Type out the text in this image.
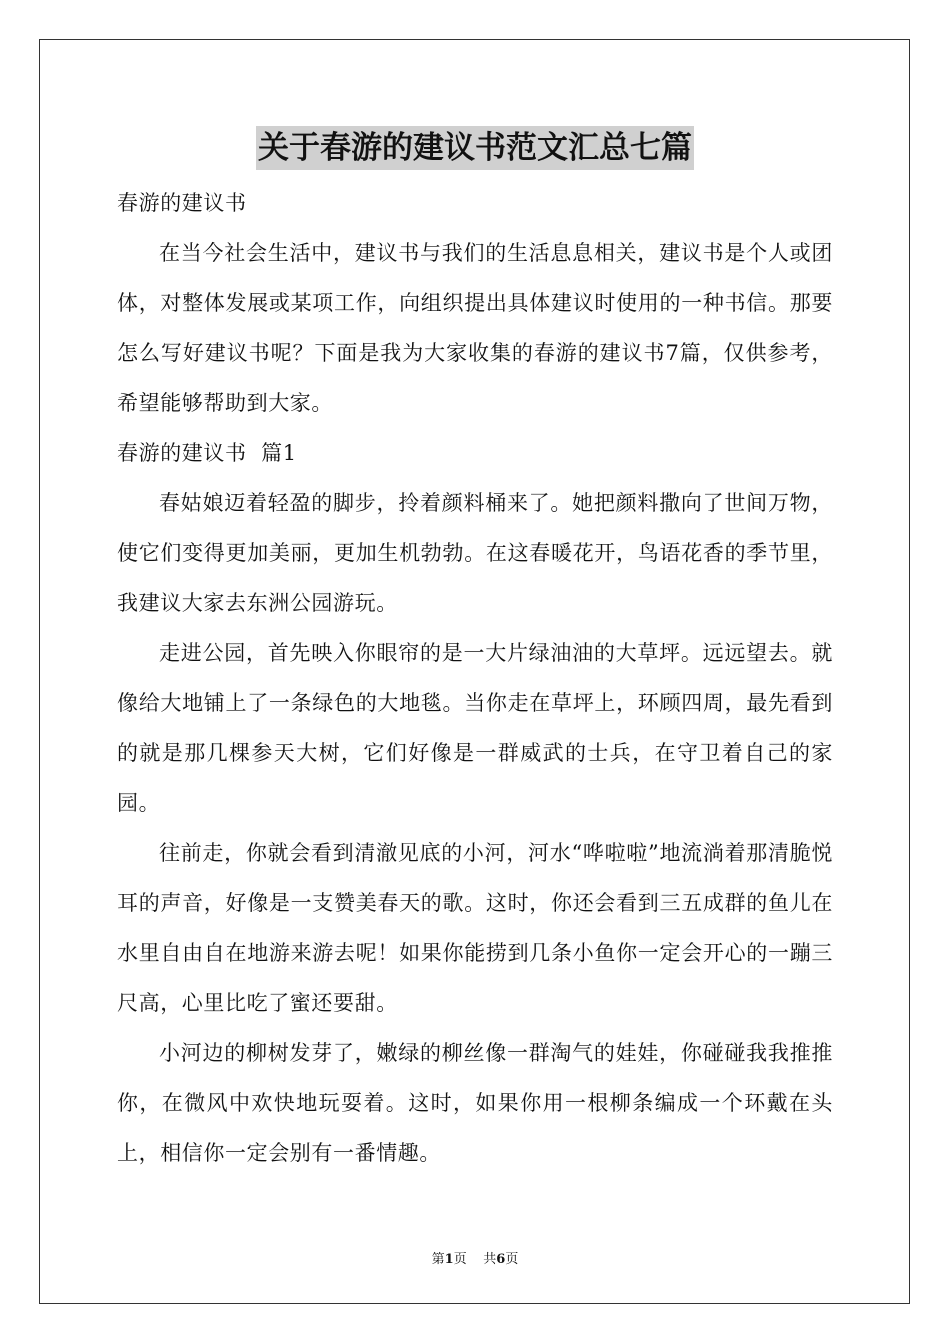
关于春游的建议书范文汇总七篇

春游的建议书

在当今社会生活中，建议书与我们的生活息息相关，建议书是个人或团体，对整体发展或某项工作，向组织提出具体建议时使用的一种书信。那要怎么写好建议书呢？下面是我为大家收集的春游的建议书7篇，仅供参考，希望能够帮助到大家。

春游的建议书  篇1

春姑娘迈着轻盈的脚步，拎着颜料桶来了。她把颜料撒向了世间万物，使它们变得更加美丽，更加生机勃勃。在这春暖花开，鸟语花香的季节里，我建议大家去东洲公园游玩。

走进公园，首先映入你眼帘的是一大片绿油油的大草坪。远远望去。就像给大地铺上了一条绿色的大地毯。当你走在草坪上，环顾四周，最先看到的就是那几棵参天大树，它们好像是一群威武的士兵，在守卫着自己的家园。

往前走，你就会看到清澈见底的小河，河水“哗啦啦”地流淌着那清脆悦耳的声音，好像是一支赞美春天的歌。这时，你还会看到三五成群的鱼儿在水里自由自在地游来游去呢！如果你能捞到几条小鱼你一定会开心的一蹦三尺高，心里比吃了蜜还要甜。

小河边的柳树发芽了，嫩绿的柳丝像一群淘气的娃娃，你碰碰我我推推你，在微风中欢快地玩耍着。这时，如果你用一根柳条编成一个环戴在头上，相信你一定会别有一番情趣。

第1页 共6页
